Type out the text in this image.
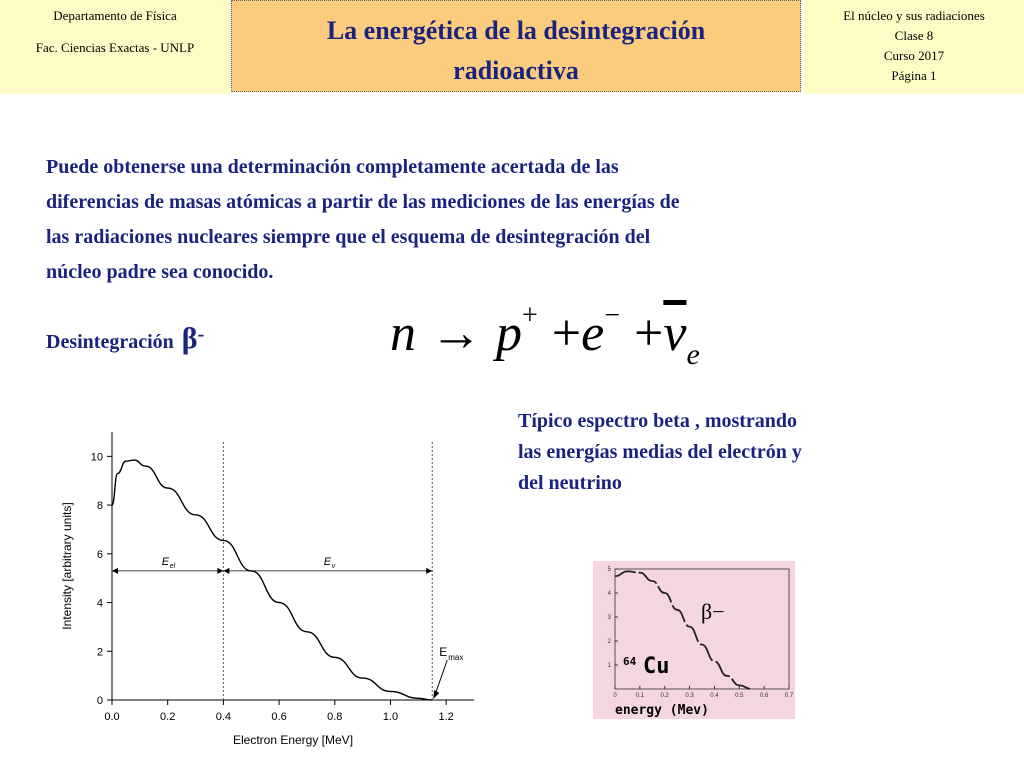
Departamento de Física
Fac. Ciencias Exactas - UNLP
La energética de la desintegración
radioactiva
El núcleo y sus radiaciones
Clase 8
Curso 2017
Página 1
Puede obtenerse una determinación completamente acertada de las
diferencias de masas atómicas a partir de las mediciones de las energías de
las radiaciones nucleares siempre que el esquema de desintegración del
núcleo padre sea conocido.
Desintegración β-	$n \to p^+ +e^- +\overline{\nu}_e$
Típico espectro beta , mostrando
las energías medias del electrón y
del neutrino
0.0	0.2	0.4	0.6	0.8	1.0	1.2
0
2
4
6
8
10
Electron Energy [MeV]
Intensity [arbitrary units]	E el	E ν
E max
0	0.1	0.2	0.3	0.4	0.5	0.6	0.7
1
2
3
4
5
β−
64 Cu
energy (Mev)
